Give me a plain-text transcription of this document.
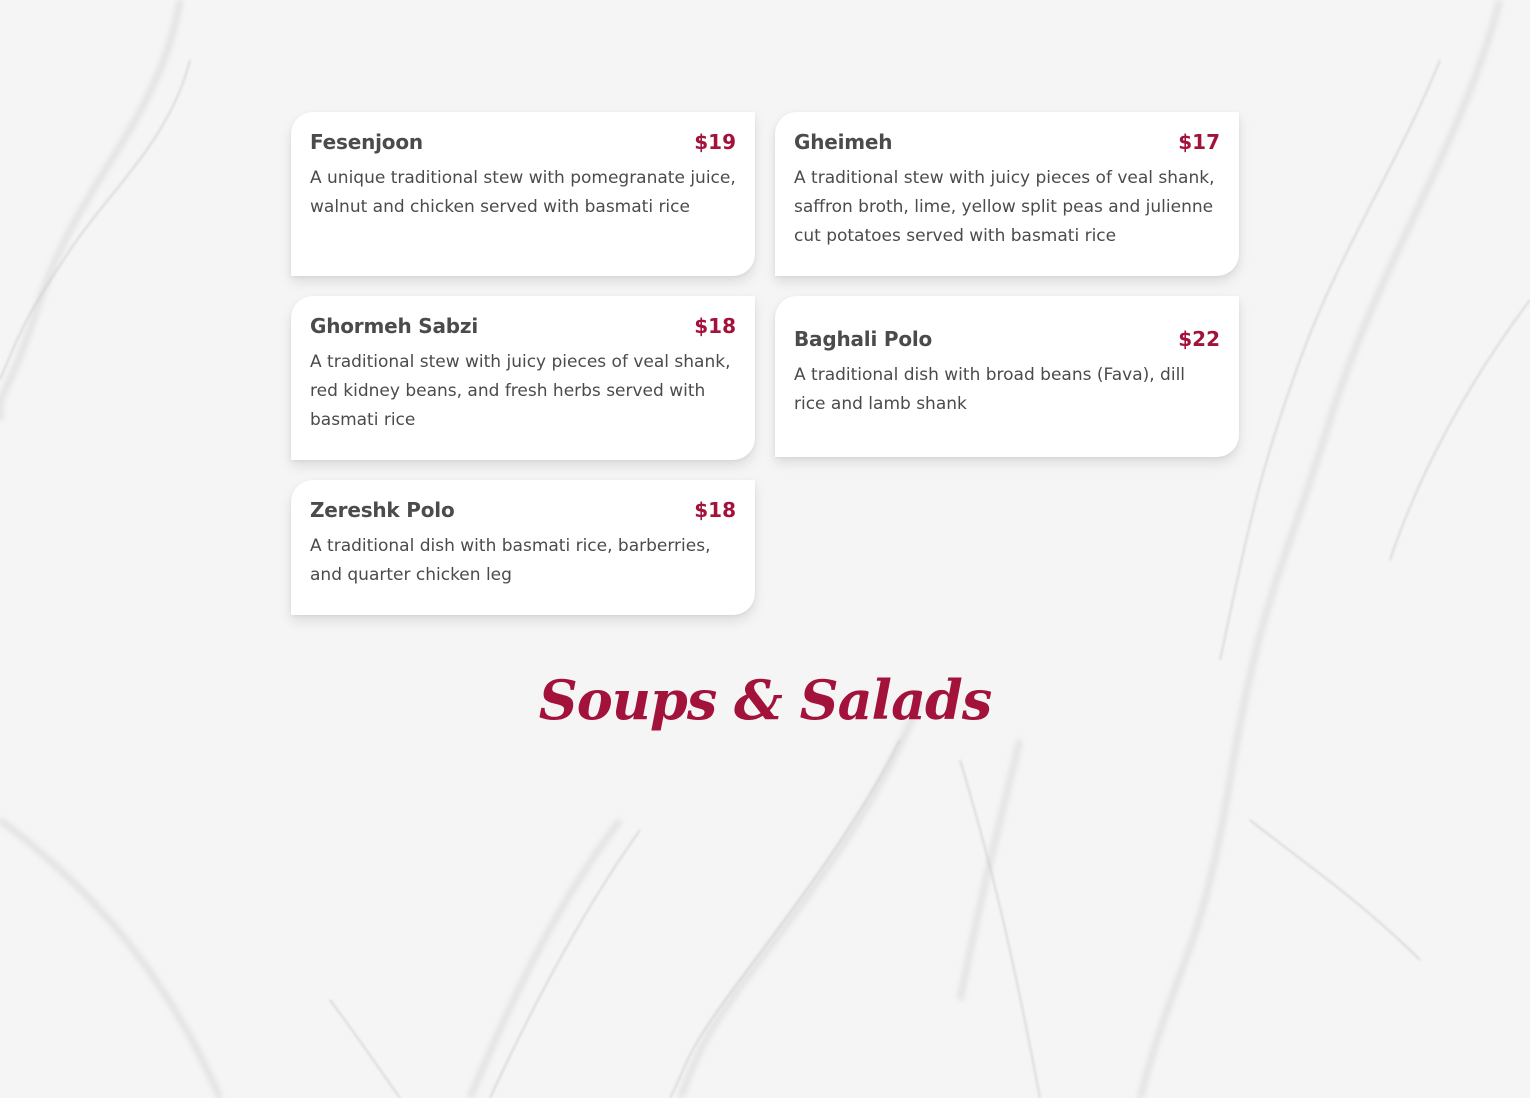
Fesenjoon	$19
A unique traditional stew with pomegranate juice, walnut and chicken served with basmati rice
Gheimeh	$17
A traditional stew with juicy pieces of veal shank, saffron broth, lime, yellow split peas and julienne cut potatoes served with basmati rice
Ghormeh Sabzi	$18
A traditional stew with juicy pieces of veal shank, red kidney beans, and fresh herbs served with basmati rice
Baghali Polo	$22
A traditional dish with broad beans (Fava), dill rice and lamb shank
Zereshk Polo	$18
A traditional dish with basmati rice, barberries, and quarter chicken leg
Soups & Salads
